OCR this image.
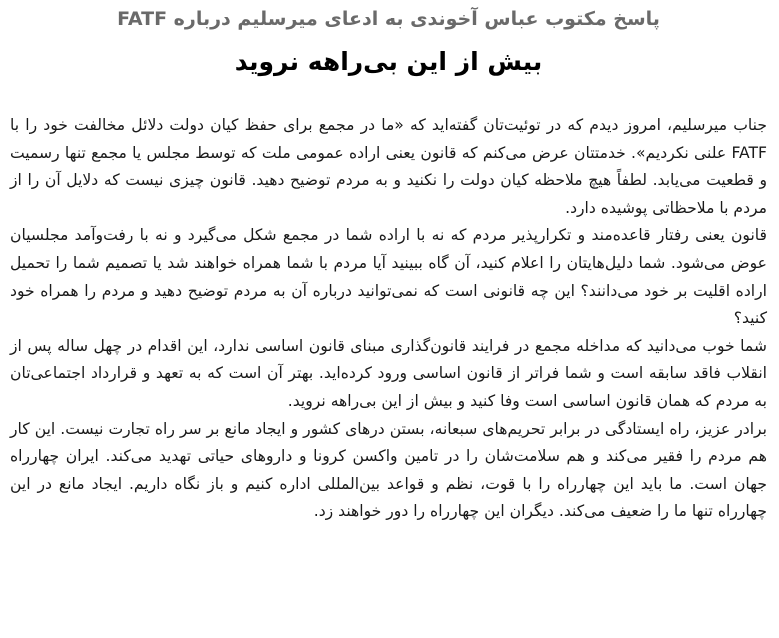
پاسخ مکتوب عباس آخوندی به ادعای میرسلیم درباره FATF
بیش از این بی‌راهه نروید

جناب میرسلیم، امروز دیدم که در توئیت‌تان گفته‌اید که «ما در مجمع برای حفظ کیان دولت دلائل مخالفت خود را با FATF علنی نکردیم». خدمتتان عرض می‌کنم که قانون یعنی اراده عمومی ملت که توسط مجلس یا مجمع تنها رسمیت و قطعیت می‌یابد. لطفاً هیچ ملاحظه کیان دولت را نکنید و به مردم توضیح دهید. قانون چیزی نیست که دلایل آن را از مردم با ملاحظاتی پوشیده دارد.

قانون یعنی رفتار قاعده‌مند و تکرارپذیر مردم که نه با اراده شما در مجمع شکل می‌گیرد و نه با رفت‌وآمد مجلسیان عوض می‌شود. شما دلیل‌هایتان را اعلام کنید، آن گاه ببینید آیا مردم با شما همراه خواهند شد یا تصمیم شما را تحمیل اراده اقلیت بر خود می‌دانند؟ این چه قانونی است که نمی‌توانید درباره آن به مردم توضیح دهید و مردم را همراه خود کنید؟

شما خوب می‌دانید که مداخله مجمع در فرایند قانون‌گذاری مبنای قانون اساسی ندارد، این اقدام در چهل ساله پس از انقلاب فاقد سابقه است و شما فراتر از قانون اساسی ورود کرده‌اید. بهتر آن است که به تعهد و قرارداد اجتماعی‌تان به مردم که همان قانون اساسی است وفا کنید و بیش از این بی‌راهه نروید.

برادر عزیز، راه ایستادگی در برابر تحریم‌های سبعانه، بستن درهای کشور و ایجاد مانع بر سر راه تجارت نیست. این کار هم مردم را فقیر می‌کند و هم سلامت‌شان را در تامین واکسن کرونا و داروهای حیاتی تهدید می‌کند. ایران چهارراه جهان است. ما باید این چهارراه را با قوت، نظم و قواعد بین‌المللی اداره کنیم و باز نگاه داریم. ایجاد مانع در این چهارراه تنها ما را ضعیف می‌کند. دیگران این چهارراه را دور خواهند زد.
